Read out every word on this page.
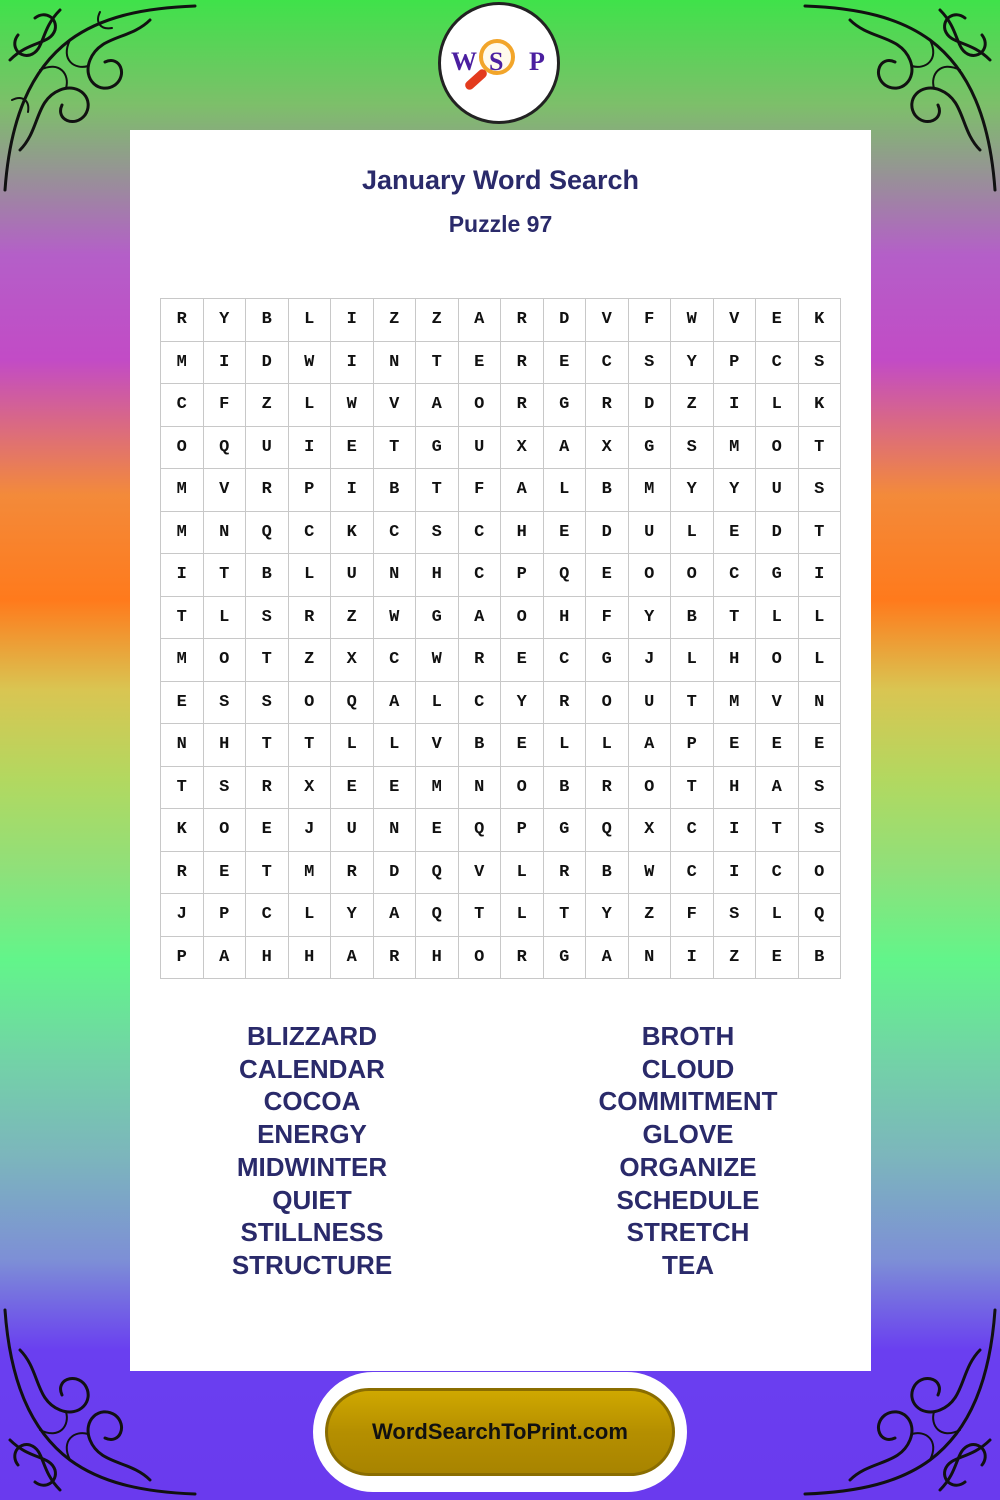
W S P
January Word Search
Puzzle 97
R	Y	B	L	I	Z	Z	A	R	D	V	F	W	V	E	K
M	I	D	W	I	N	T	E	R	E	C	S	Y	P	C	S
C	F	Z	L	W	V	A	O	R	G	R	D	Z	I	L	K
O	Q	U	I	E	T	G	U	X	A	X	G	S	M	O	T
M	V	R	P	I	B	T	F	A	L	B	M	Y	Y	U	S
M	N	Q	C	K	C	S	C	H	E	D	U	L	E	D	T
I	T	B	L	U	N	H	C	P	Q	E	O	O	C	G	I
T	L	S	R	Z	W	G	A	O	H	F	Y	B	T	L	L
M	O	T	Z	X	C	W	R	E	C	G	J	L	H	O	L
E	S	S	O	Q	A	L	C	Y	R	O	U	T	M	V	N
N	H	T	T	L	L	V	B	E	L	L	A	P	E	E	E
T	S	R	X	E	E	M	N	O	B	R	O	T	H	A	S
K	O	E	J	U	N	E	Q	P	G	Q	X	C	I	T	S
R	E	T	M	R	D	Q	V	L	R	B	W	C	I	C	O
J	P	C	L	Y	A	Q	T	L	T	Y	Z	F	S	L	Q
P	A	H	H	A	R	H	O	R	G	A	N	I	Z	E	B
BLIZZARD
CALENDAR
COCOA
ENERGY
MIDWINTER
QUIET
STILLNESS
STRUCTURE
BROTH
CLOUD
COMMITMENT
GLOVE
ORGANIZE
SCHEDULE
STRETCH
TEA
WordSearchToPrint.com
